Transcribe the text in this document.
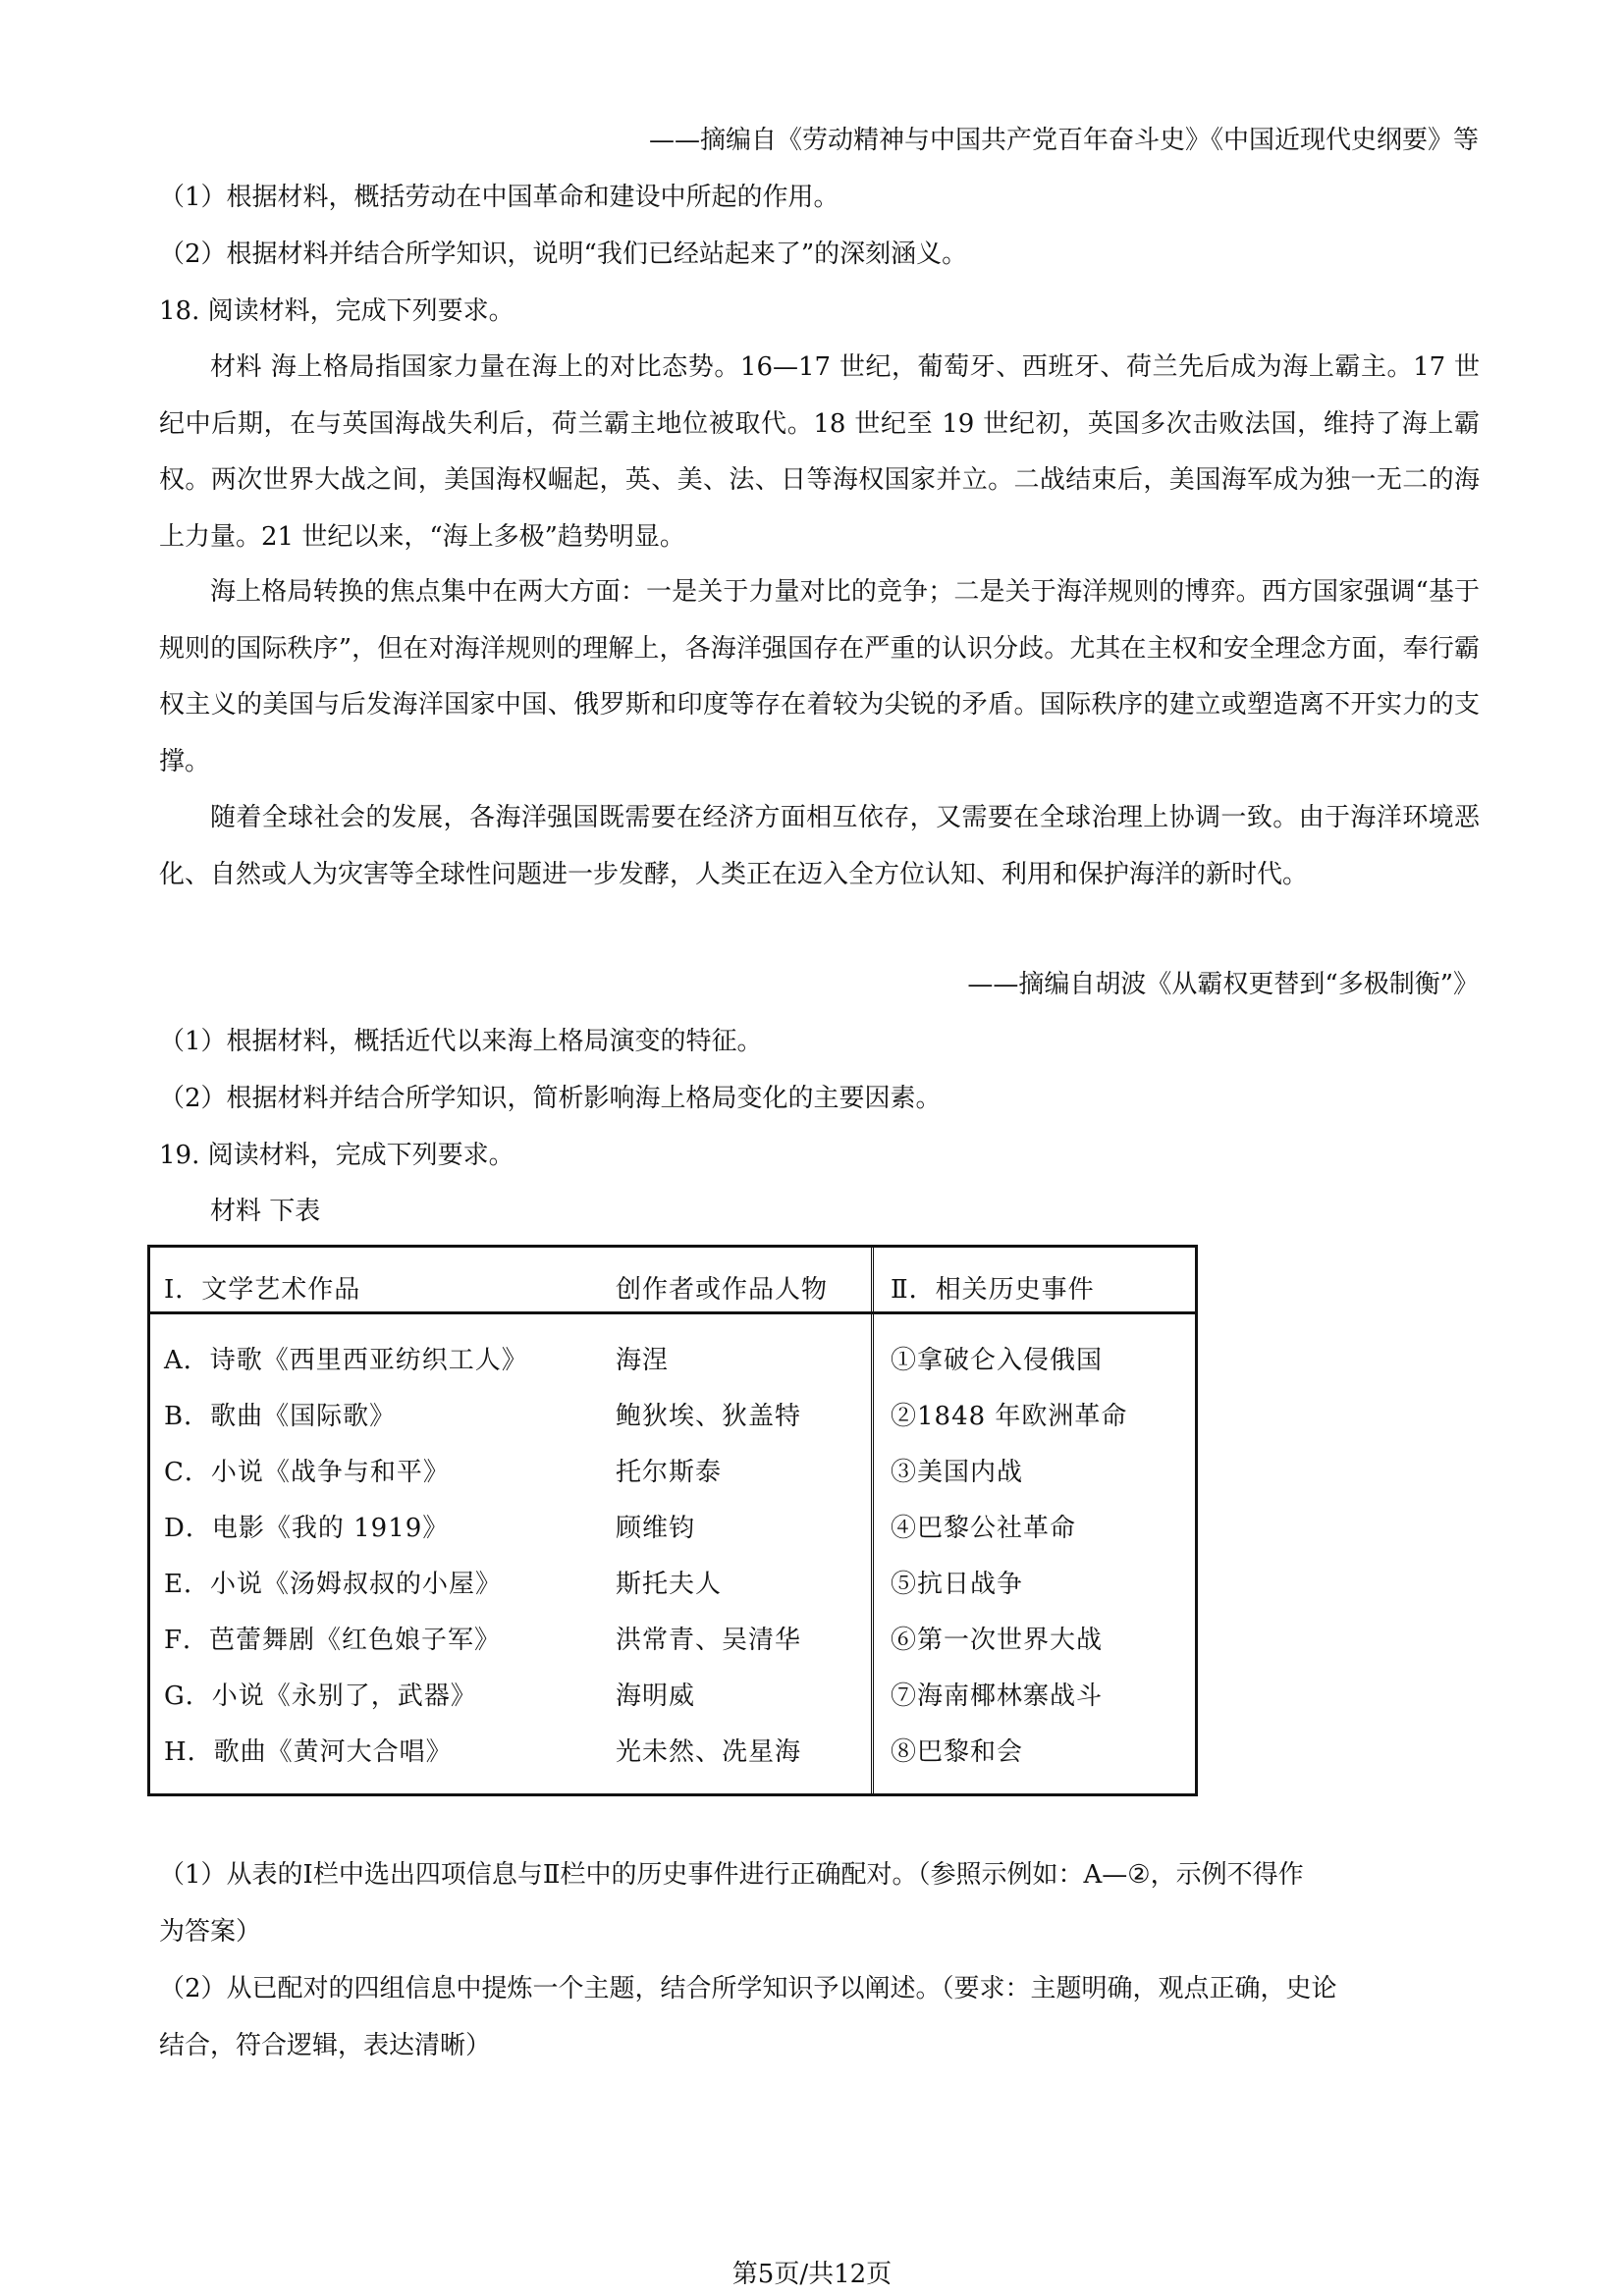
——摘编自《劳动精神与中国共产党百年奋斗史》《中国近现代史纲要》等
（1）根据材料，概括劳动在中国革命和建设中所起的作用。
（2）根据材料并结合所学知识，说明“我们已经站起来了”的深刻涵义。
18. 阅读材料，完成下列要求。

材料 海上格局指国家力量在海上的对比态势。16—17 世纪，葡萄牙、西班牙、荷兰先后成为海上霸主。17 世纪中后期，在与英国海战失利后，荷兰霸主地位被取代。18 世纪至 19 世纪初，英国多次击败法国，维持了海上霸权。两次世界大战之间，美国海权崛起，英、美、法、日等海权国家并立。二战结束后，美国海军成为独一无二的海上力量。21 世纪以来，“海上多极”趋势明显。

海上格局转换的焦点集中在两大方面：一是关于力量对比的竞争；二是关于海洋规则的博弈。西方国家强调“基于规则的国际秩序”，但在对海洋规则的理解上，各海洋强国存在严重的认识分歧。尤其在主权和安全理念方面，奉行霸权主义的美国与后发海洋国家中国、俄罗斯和印度等存在着较为尖锐的矛盾。国际秩序的建立或塑造离不开实力的支撑。

随着全球社会的发展，各海洋强国既需要在经济方面相互依存，又需要在全球治理上协调一致。由于海洋环境恶化、自然或人为灾害等全球性问题进一步发酵，人类正在迈入全方位认知、利用和保护海洋的新时代。

——摘编自胡波《从霸权更替到“多极制衡”》
（1）根据材料，概括近代以来海上格局演变的特征。
（2）根据材料并结合所学知识，简析影响海上格局变化的主要因素。
19. 阅读材料，完成下列要求。
材料 下表
Ⅰ．文学艺术作品	创作者或作品人物 Ⅱ．相关历史事件
A．诗歌《西里西亚纺织工人》	海涅	①拿破仑入侵俄国
B．歌曲《国际歌》	鲍狄埃、狄盖特	②1848 年欧洲革命
C．小说《战争与和平》	托尔斯泰	③美国内战
D．电影《我的 1919》	顾维钧	④巴黎公社革命
E．小说《汤姆叔叔的小屋》	斯托夫人	⑤抗日战争
F．芭蕾舞剧《红色娘子军》	洪常青、吴清华	⑥第一次世界大战
G．小说《永别了，武器》	海明威	⑦海南椰林寨战斗
H．歌曲《黄河大合唱》	光未然、冼星海	⑧巴黎和会
（1）从表的Ⅰ栏中选出四项信息与Ⅱ栏中的历史事件进行正确配对。（参照示例如：A—②，示例不得作
为答案）
（2）从已配对的四组信息中提炼一个主题，结合所学知识予以阐述。（要求：主题明确，观点正确，史论
结合，符合逻辑，表达清晰）
第5页/共12页
